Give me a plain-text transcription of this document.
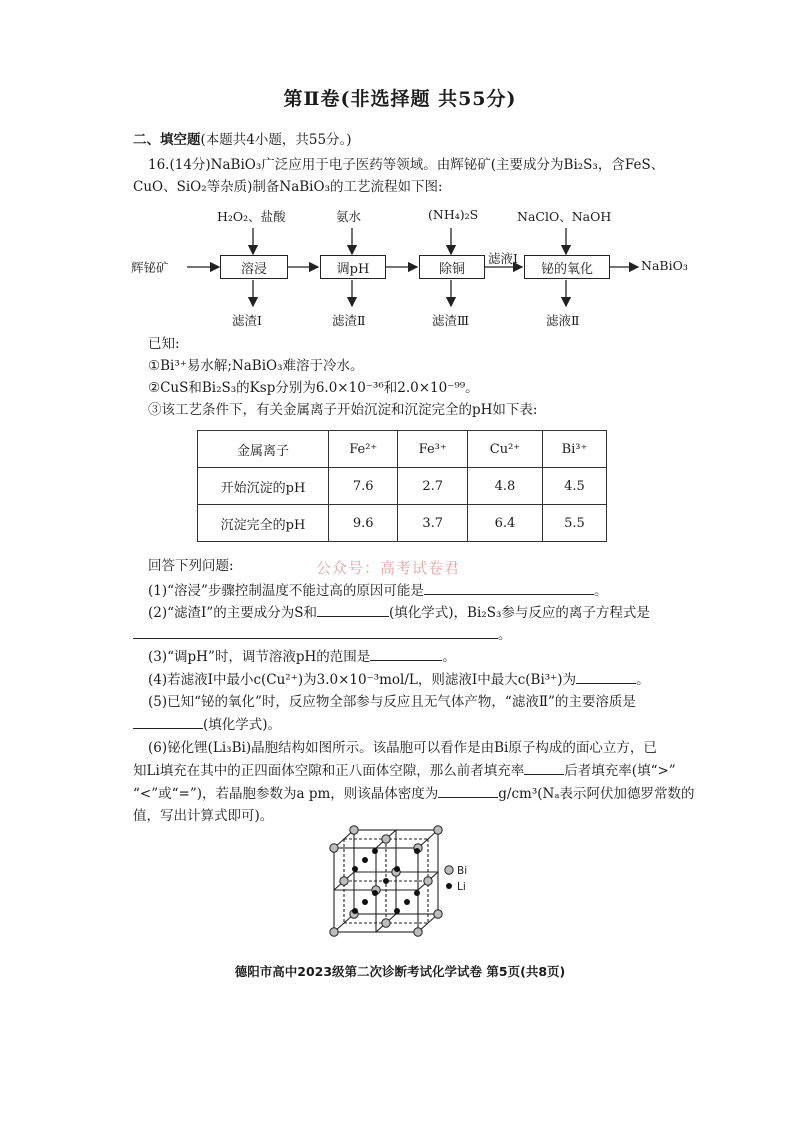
第Ⅱ卷(非选择题 共55分)
二、填空题(本题共4小题，共55分。)
16.(14分)NaBiO₃广泛应用于电子医药等领域。由辉铋矿(主要成分为Bi₂S₃，含FeS、
CuO、SiO₂等杂质)制备NaBiO₃的工艺流程如下图:
辉铋矿	NaBiO₃
滤液Ⅰ
溶浸	调pH	除铜	铋的氧化
H₂O₂、盐酸	氨水	(NH₄)₂S	NaClO、NaOH
滤渣Ⅰ	滤渣Ⅱ	滤渣Ⅲ	滤液Ⅱ
已知:
①Bi³⁺易水解;NaBiO₃难溶于冷水。
②CuS和Bi₂S₃的Ksp分别为6.0×10⁻³⁶和2.0×10⁻⁹⁹。
③该工艺条件下，有关金属离子开始沉淀和沉淀完全的pH如下表:
金属离子	Fe²⁺	Fe³⁺	Cu²⁺	Bi³⁺
开始沉淀的pH	7.6	2.7	4.8	4.5
沉淀完全的pH	9.6	3.7	6.4	5.5
回答下列问题:	公众号：高考试卷君
(1)“溶浸”步骤控制温度不能过高的原因可能是	。
(2)“滤渣Ⅰ”的主要成分为S和	(填化学式)，Bi₂S₃参与反应的离子方程式是
。
(3)“调pH”时，调节溶液pH的范围是	。
(4)若滤液Ⅰ中最小c(Cu²⁺)为3.0×10⁻³mol/L，则滤液Ⅰ中最大c(Bi³⁺)为	。
(5)已知“铋的氧化”时，反应物全部参与反应且无气体产物，“滤液Ⅱ”的主要溶质是
(填化学式)。
(6)铋化锂(Li₃Bi)晶胞结构如图所示。该晶胞可以看作是由Bi原子构成的面心立方，已
知Li填充在其中的正四面体空隙和正八面体空隙，那么前者填充率	后者填充率(填“>”
“<”或“=”)，若晶胞参数为a pm，则该晶体密度为	g/cm³(Nₐ表示阿伏加德罗常数的
值，写出计算式即可)。
Bi
Li
德阳市高中2023级第二次诊断考试化学试卷 第5页(共8页)
